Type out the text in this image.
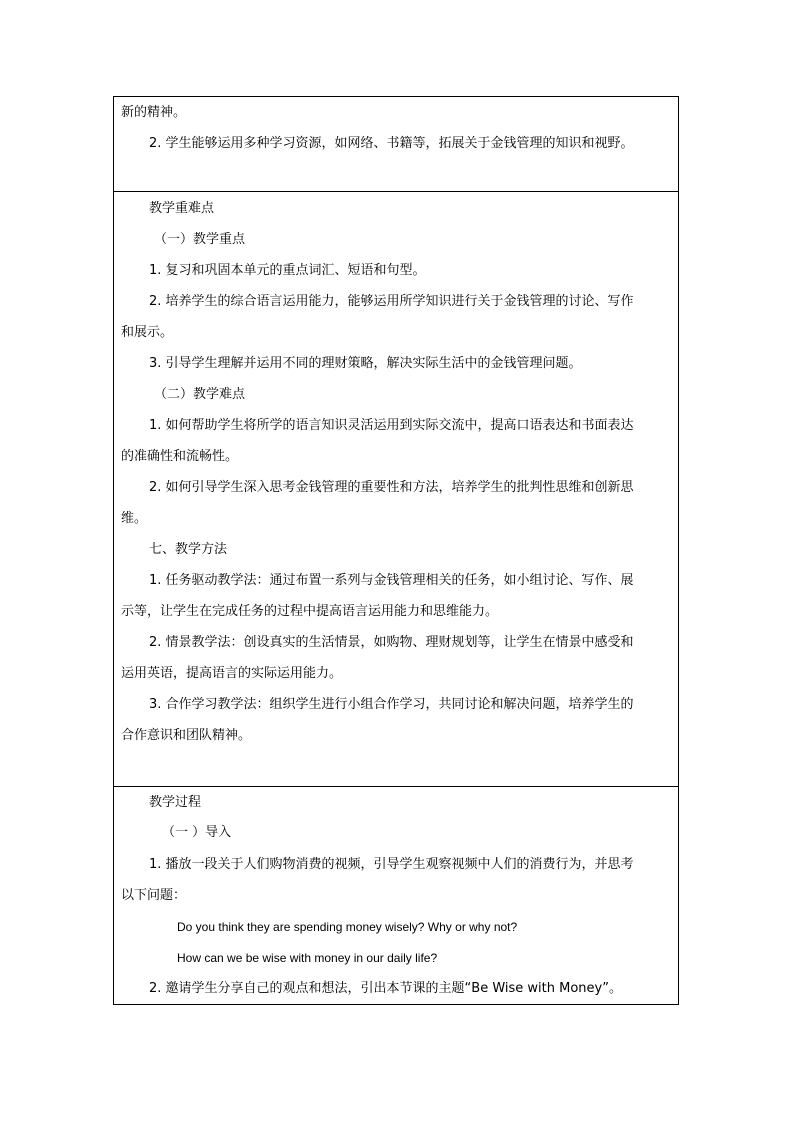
新的精神。
2. 学生能够运用多种学习资源，如网络、书籍等，拓展关于金钱管理的知识和视野。
教学重难点
（一）教学重点
1. 复习和巩固本单元的重点词汇、短语和句型。
2. 培养学生的综合语言运用能力，能够运用所学知识进行关于金钱管理的讨论、写作
和展示。
3. 引导学生理解并运用不同的理财策略，解决实际生活中的金钱管理问题。
（二）教学难点
1. 如何帮助学生将所学的语言知识灵活运用到实际交流中，提高口语表达和书面表达
的准确性和流畅性。
2. 如何引导学生深入思考金钱管理的重要性和方法，培养学生的批判性思维和创新思
维。
七、教学方法
1. 任务驱动教学法：通过布置一系列与金钱管理相关的任务，如小组讨论、写作、展
示等，让学生在完成任务的过程中提高语言运用能力和思维能力。
2. 情景教学法：创设真实的生活情景，如购物、理财规划等，让学生在情景中感受和
运用英语，提高语言的实际运用能力。
3. 合作学习教学法：组织学生进行小组合作学习，共同讨论和解决问题，培养学生的
合作意识和团队精神。
教学过程
（一 ）导入
1. 播放一段关于人们购物消费的视频，引导学生观察视频中人们的消费行为，并思考
以下问题：
Do you think they are spending money wisely? Why or why not?
How can we be wise with money in our daily life?
2. 邀请学生分享自己的观点和想法，引出本节课的主题“Be Wise with Money”。
